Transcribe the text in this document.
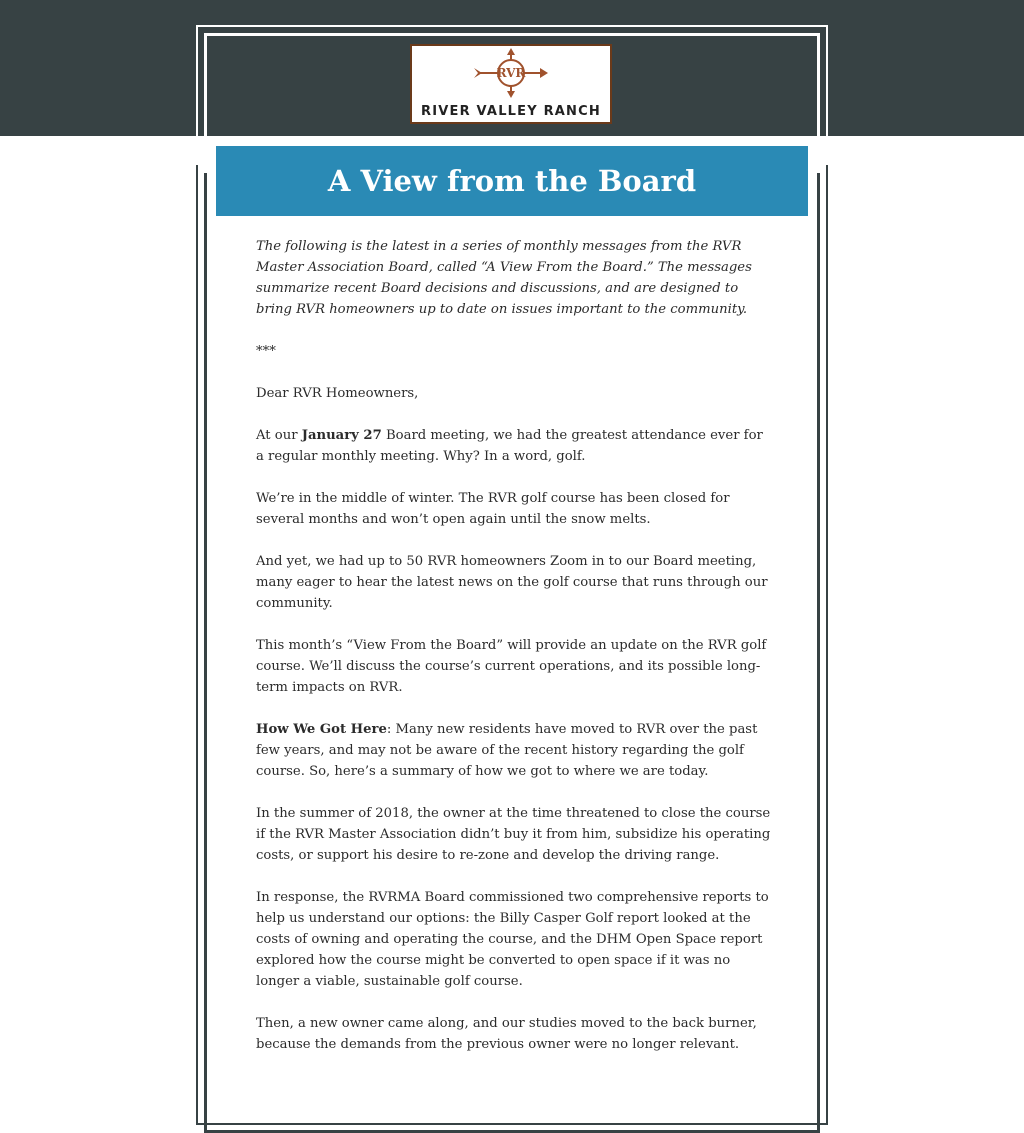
RVR
RIVER VALLEY RANCH
A View from the Board

The following is the latest in a series of monthly messages from the RVR Master Association Board, called “A View From the Board.” The messages summarize recent Board decisions and discussions, and are designed to bring RVR homeowners up to date on issues important to the community.

***

Dear RVR Homeowners,

At our January 27 Board meeting, we had the greatest attendance ever for a regular monthly meeting. Why? In a word, golf.

We’re in the middle of winter. The RVR golf course has been closed for several months and won’t open again until the snow melts.

And yet, we had up to 50 RVR homeowners Zoom in to our Board meeting, many eager to hear the latest news on the golf course that runs through our community.

This month’s “View From the Board” will provide an update on the RVR golf course. We’ll discuss the course’s current operations, and its possible long-term impacts on RVR.

How We Got Here: Many new residents have moved to RVR over the past few years, and may not be aware of the recent history regarding the golf course. So, here’s a summary of how we got to where we are today.

In the summer of 2018, the owner at the time threatened to close the course if the RVR Master Association didn’t buy it from him, subsidize his operating costs, or support his desire to re-zone and develop the driving range.

In response, the RVRMA Board commissioned two comprehensive reports to help us understand our options: the Billy Casper Golf report looked at the costs of owning and operating the course, and the DHM Open Space report explored how the course might be converted to open space if it was no longer a viable, sustainable golf course.

Then, a new owner came along, and our studies moved to the back burner, because the demands from the previous owner were no longer relevant.
